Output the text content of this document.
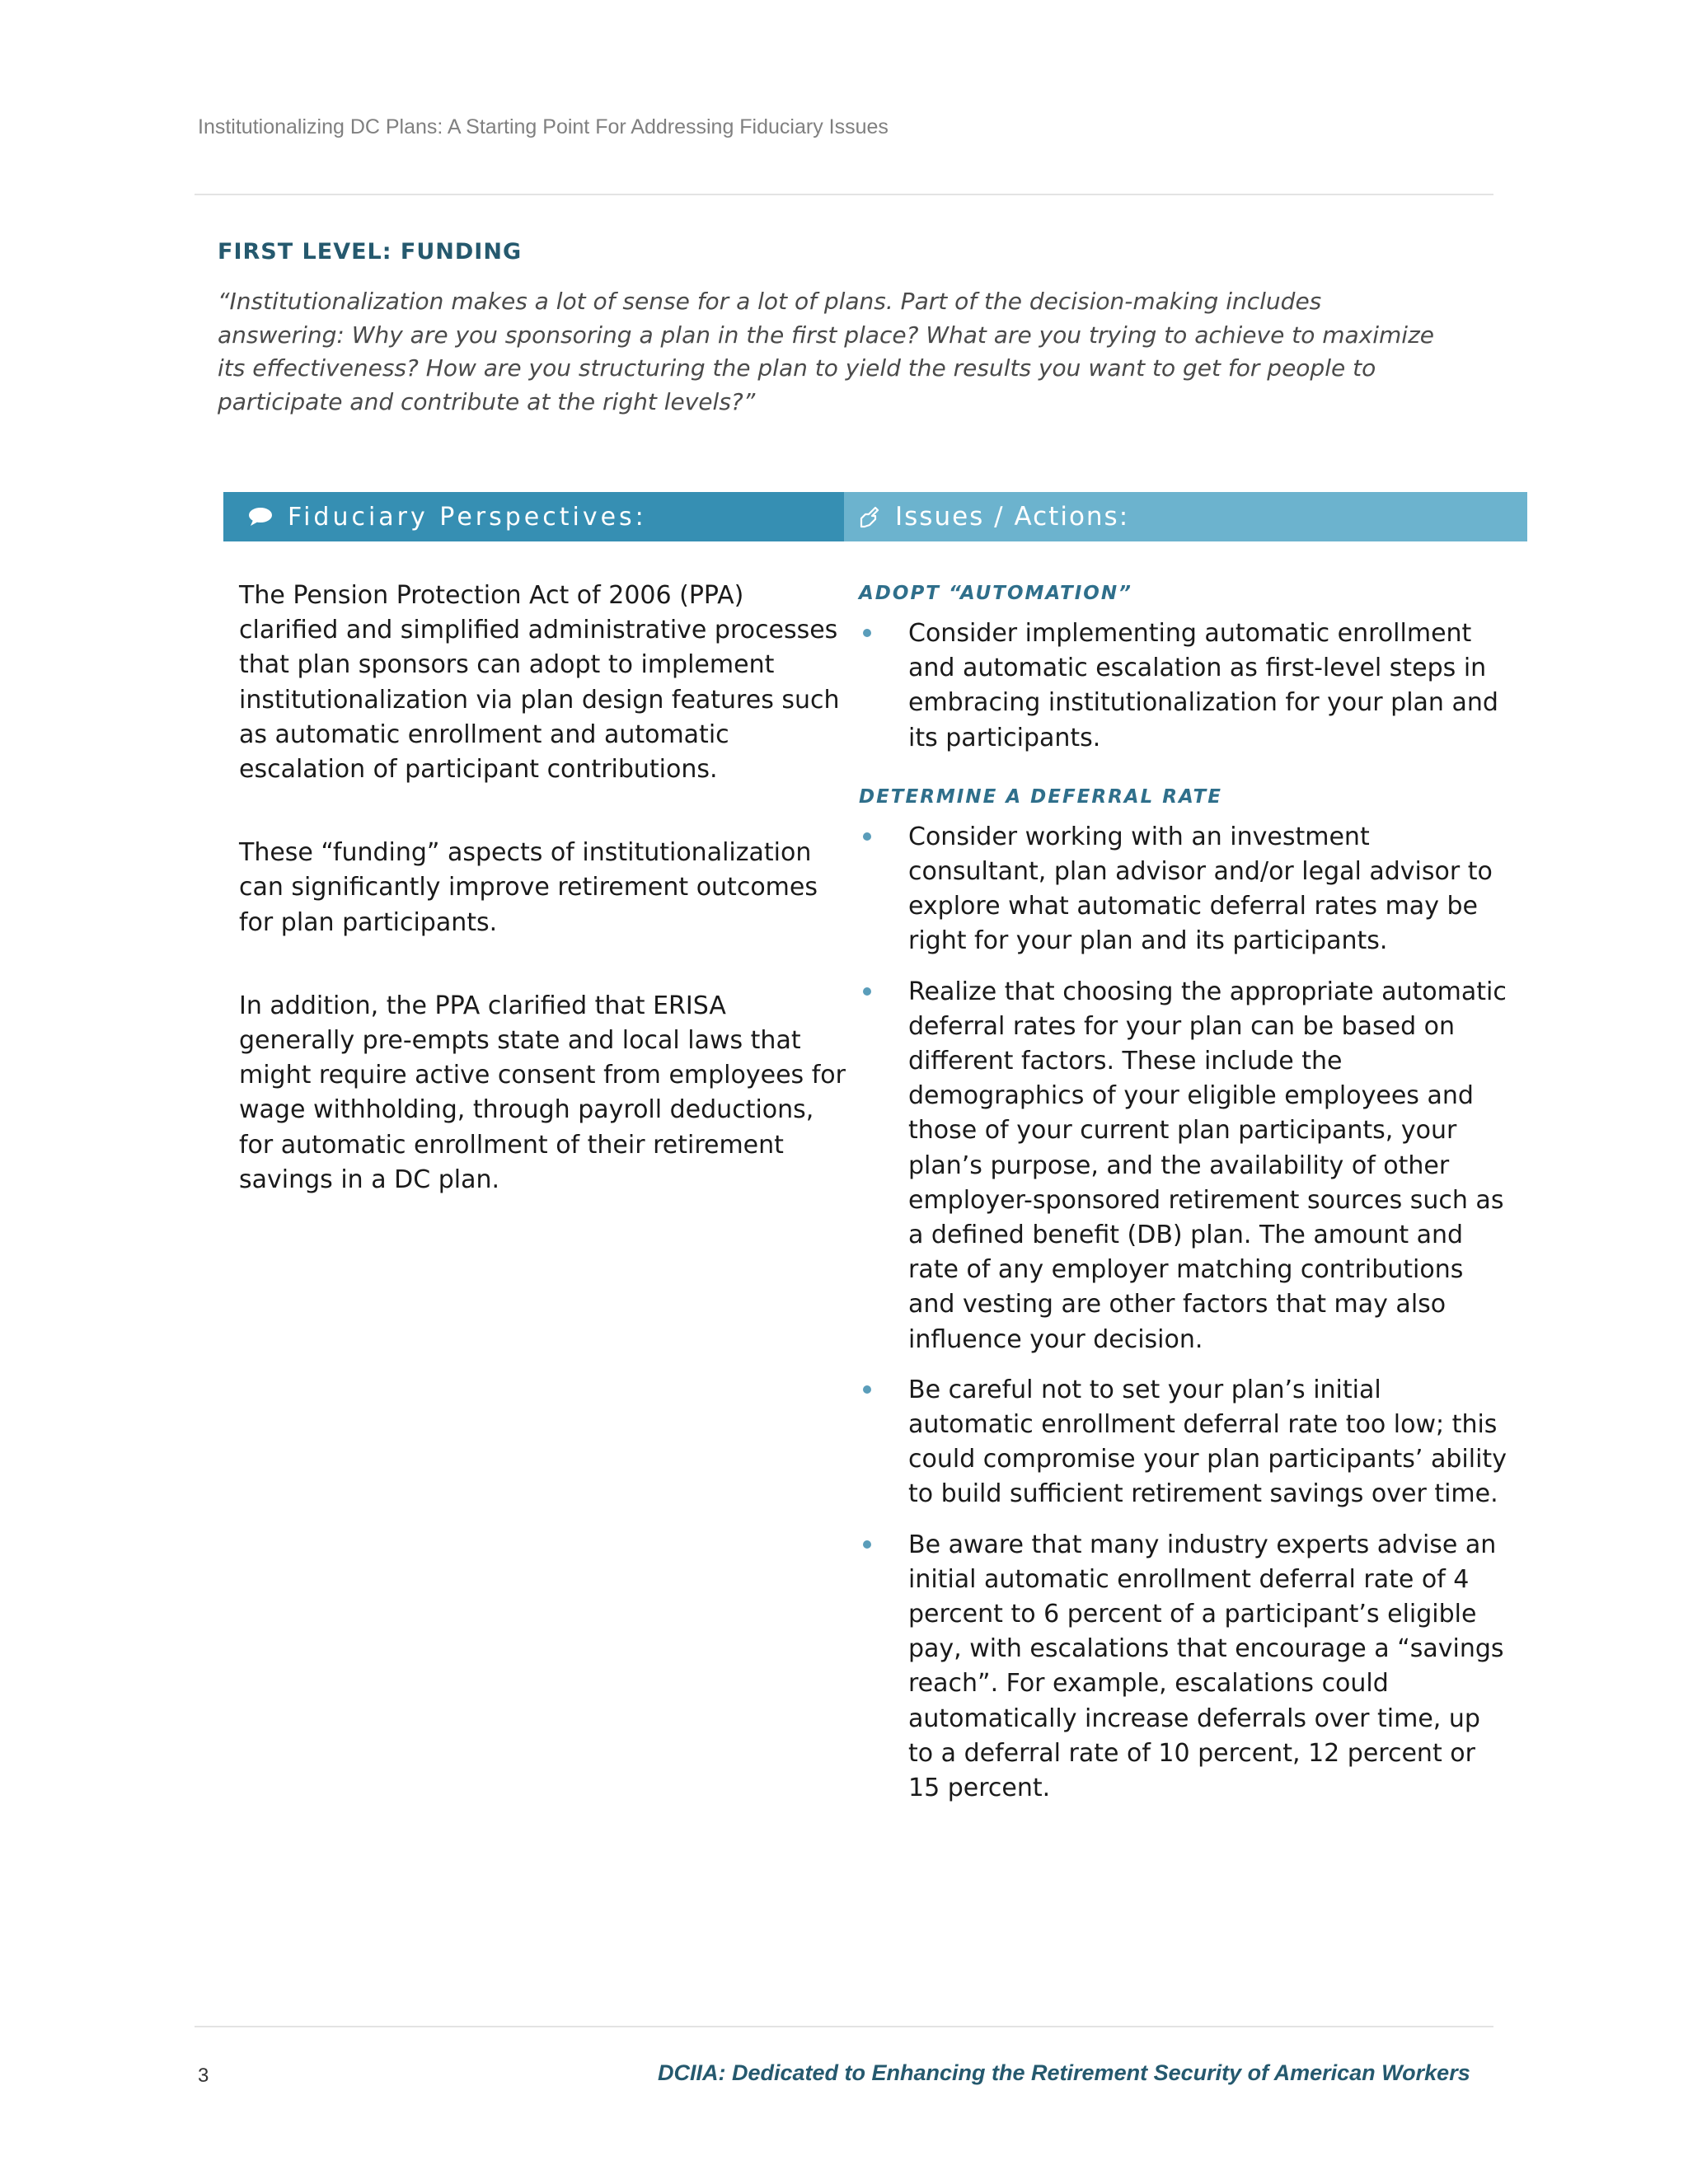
Institutionalizing DC Plans: A Starting Point For Addressing Fiduciary Issues
FIRST LEVEL: FUNDING
“Institutionalization makes a lot of sense for a lot of plans. Part of the decision-making includes answering: Why are you sponsoring a plan in the first place? What are you trying to achieve to maximize its effectiveness? How are you structuring the plan to yield the results you want to get for people to participate and contribute at the right levels?”
Fiduciary Perspectives:	Issues / Actions:

The Pension Protection Act of 2006 (PPA) clarified and simplified administrative processes that plan sponsors can adopt to implement institutionalization via plan design features such as automatic enrollment and automatic escalation of participant contributions.

These “funding” aspects of institutionalization can significantly improve retirement outcomes for plan participants.

In addition, the PPA clarified that ERISA generally pre-empts state and local laws that might require active consent from employees for wage withholding, through payroll deductions, for automatic enrollment of their retirement savings in a DC plan.

ADOPT “AUTOMATION”
Consider implementing automatic enrollment and automatic escalation as first-level steps in embracing institutionalization for your plan and its participants.
DETERMINE A DEFERRAL RATE
Consider working with an investment consultant, plan advisor and/or legal advisor to explore what automatic deferral rates may be right for your plan and its participants.
Realize that choosing the appropriate automatic deferral rates for your plan can be based on different factors. These include the demographics of your eligible employees and those of your current plan participants, your plan’s purpose, and the availability of other employer-sponsored retirement sources such as a defined benefit (DB) plan. The amount and rate of any employer matching contributions and vesting are other factors that may also influence your decision.
Be careful not to set your plan’s initial automatic enrollment deferral rate too low; this could compromise your plan participants’ ability to build sufficient retirement savings over time.
Be aware that many industry experts advise an initial automatic enrollment deferral rate of 4 percent to 6 percent of a participant’s eligible pay, with escalations that encourage a “savings reach”. For example, escalations could automatically increase deferrals over time, up to a deferral rate of 10 percent, 12 percent or 15 percent.
3	DCIIA: Dedicated to Enhancing the Retirement Security of American Workers
